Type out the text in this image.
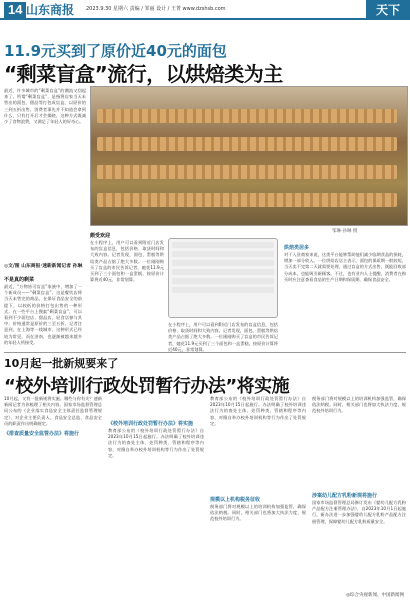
14 山东商报 2023.9.30 星期六 责编 / 邹丽 设计 / 王菁 www.dzshsb.com	天下
11.9元买到了原价近40元的面包
“剩菜盲盒”流行，以烘焙类为主
最近，许多城市的“剩菜盲盒”的潮流又刮起来了。所谓“剩菜盲盒”，是指将店家当天未售出的面包、甜品等打包成盲盒，以原价的三到五折出售。消费者事先并不知道会拿到什么，只有打开后才会揭晓。这种方式既减少了食物浪费，又满足了年轻人的好奇心。
◎文/图 山东商报·速新新闻记者 孙琳
邹琳·孙琳 摄
不是真的剩菜
最近，“万物皆可盲盒”家族中，增加了一个新成员——“剩菜盲盒”。这是餐饮店将当天未售完的商品，在保证食品安全的前提下，以较低的价格打包出售的一种形式。在一些平台上搜索“剩菜盲盒”，可以看到不少面包店、甜品店、轻食店参与其中，价格通常是原价的三至五折。记者注意到，在上海等一线城市，这种形式已经较为常见，而在济南，也逐渐被越来越多的年轻人所接受。
颇受欢迎
在小程序上，用户可以看到附近门店发布的盲盒信息，包括价格、取货时间和大致内容。记者发现，面包、蛋糕等烘焙类产品占据了绝大多数。一位刚刚购买了盲盒的市民告诉记者，她花11.9元买到了三个面包和一盒蛋糕，按原价计算将近40元，非常划算。
在小程序上，用户可以看到附近门店发布的盲盒信息，包括价格、取货时间和大致内容。记者发现，面包、蛋糕等烘焙类产品占据了绝大多数。一位刚刚购买了盲盒的市民告诉记者，她花11.9元买到了三个面包和一盒蛋糕，按原价计算将近40元，非常划算。
烘焙类居多
对于入驻商家来说，这类平台能够帮助他们减少临期食品的损耗，增加一部分收入。一位烘焙店店主表示，面包的保质期一般较短，当天卖不完第二天就需要处理，通过盲盒的方式出售，既能回收部分成本，也能吸引新顾客。不过，也有业内人士提醒，消费者在购买时应注意查看食品的生产日期和保质期，确保食品安全。
10月起一批新规要来了
“校外培训行政处罚暂行办法”将实施
10月起，又有一批新规将实施。哪些与你有关？速新新闻记者为你梳理了相关内容。国家市场监督管理总局公布的《企业落实食品安全主体责任监督管理规定》，对企业主要负责人、食品安全总监、食品安全员的职责作出明确规定。
《排查质量安全监管办法》将施行
《校外培训行政处罚暂行办法》将实施
教育部公布的《校外培训行政处罚暂行办法》自2023年10月15日起施行。办法明确了校外培训违法行为的查处主体、处罚种类、管辖和程序等内容，对擅自举办校外培训机构等行为作出了处罚规定。
规模以上机构税务征收
教育部公布的《校外培训行政处罚暂行办法》自2023年10月15日起施行。办法明确了校外培训违法行为的查处主体、处罚种类、管辖和程序等内容，对擅自举办校外培训机构等行为作出了处罚规定。
税务部门将对规模以上的培训机构加强监管，确保依法纳税。同时，相关部门也将加大执法力度，规范校外培训行为。
税务部门将对规模以上的培训机构加强监管，确保依法纳税。同时，相关部门也将加大执法力度，规范校外培训行为。
涉案幼儿配方乳粉新规将施行
国家市场监督管理总局修订发布《婴幼儿配方乳粉产品配方注册管理办法》，自2023年10月1日起施行。新办法进一步加强婴幼儿配方乳粉产品配方注册管理，保障婴幼儿配方乳粉质量安全。
◎综合央视新闻、中国新闻网
